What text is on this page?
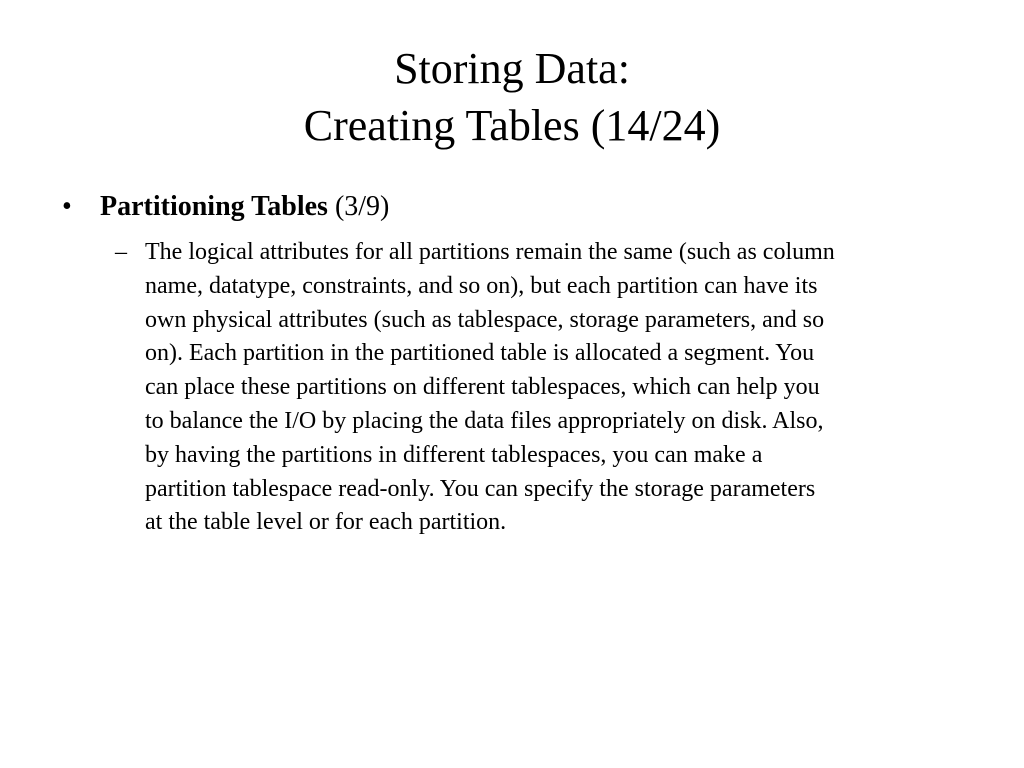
Storing Data:
Creating Tables (14/24)
• Partitioning Tables (3/9)
– The logical attributes for all partitions remain the same (such as column
name, datatype, constraints, and so on), but each partition can have its
own physical attributes (such as tablespace, storage parameters, and so
on). Each partition in the partitioned table is allocated a segment. You
can place these partitions on different tablespaces, which can help you
to balance the I/O by placing the data files appropriately on disk. Also,
by having the partitions in different tablespaces, you can make a
partition tablespace read-only. You can specify the storage parameters
at the table level or for each partition.
